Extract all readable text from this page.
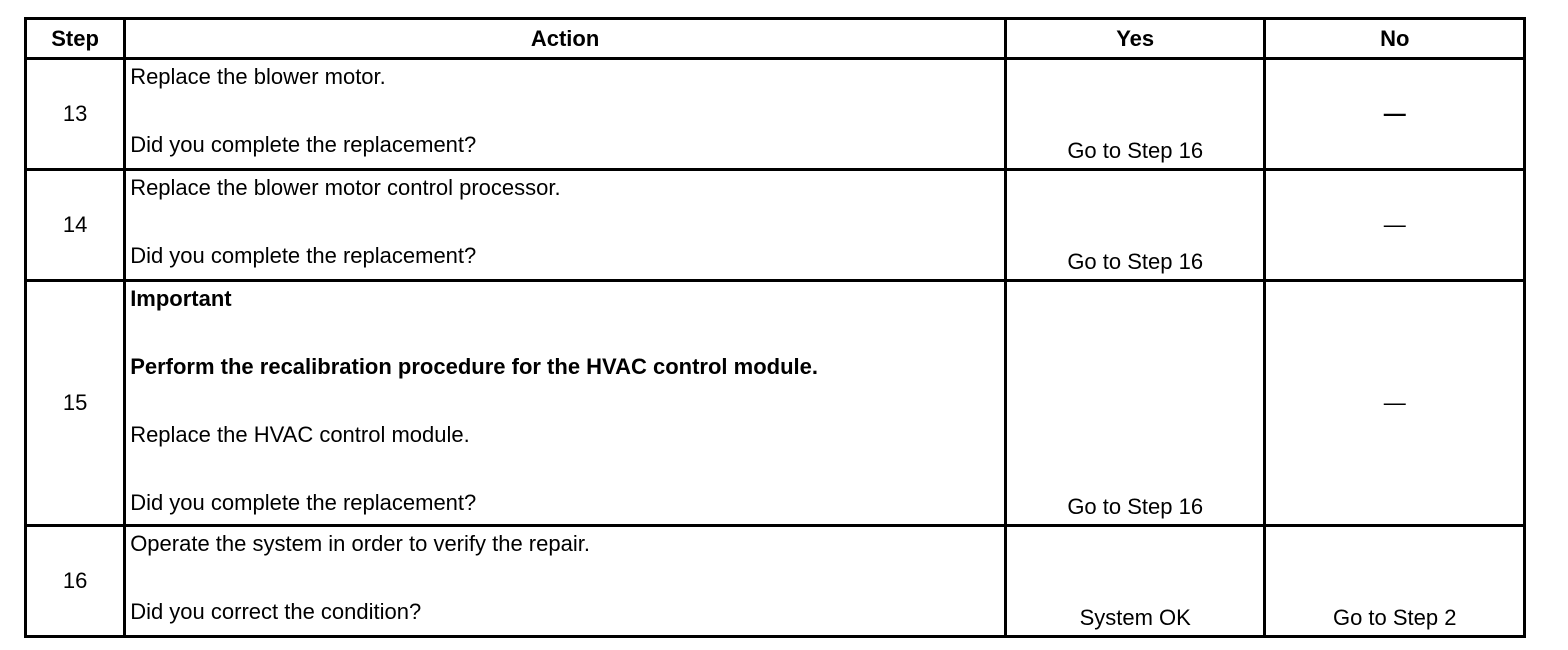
Step	Action	Yes	No
13	Replace the blower motor.
Did you complete the replacement?	Go to Step 16	—
14	Replace the blower motor control processor.
Did you complete the replacement?	Go to Step 16	—
15	Important
Perform the recalibration procedure for the HVAC control module.
Replace the HVAC control module.
Did you complete the replacement?	Go to Step 16	—
16	Operate the system in order to verify the repair.
Did you correct the condition?	System OK	Go to Step 2
